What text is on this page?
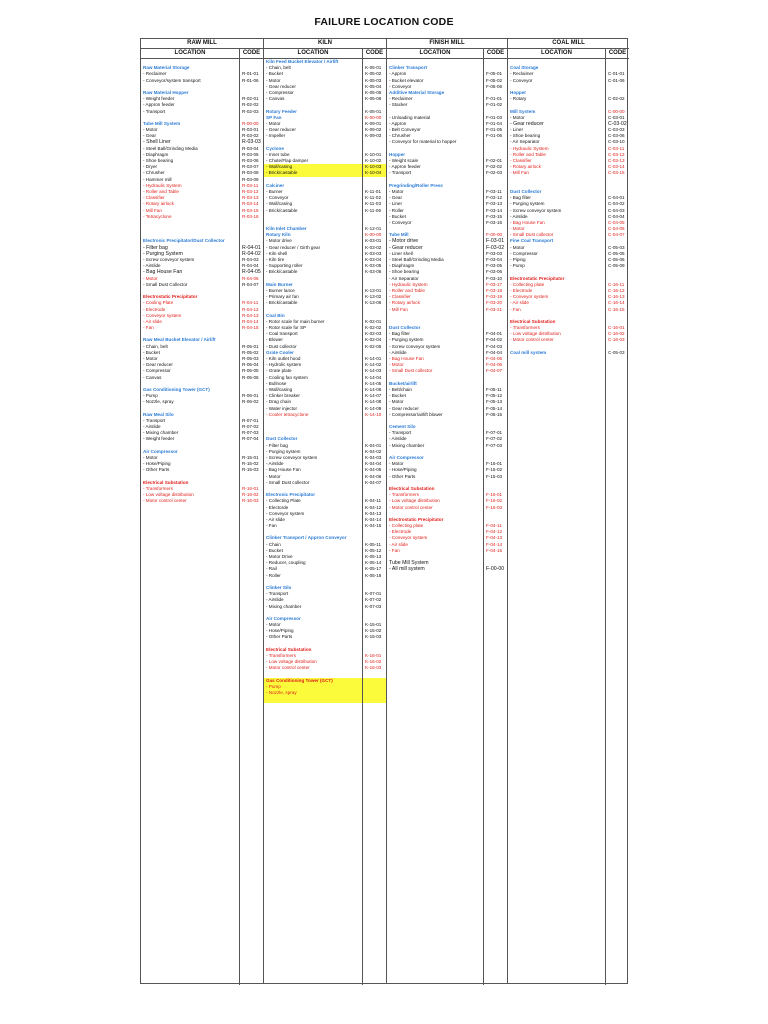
FAILURE LOCATION CODE
RAW MILL
LOCATION	CODE
Raw Material Storage
- Reclaimer	R-01-01
- Conveyor/system transport	R-01-06
Raw Material Hopper
- Weight feeder	R-02-01
- Appron feeder	R-02-02
- Transport	R-02-03
Tube Mill System	R-00-00
- Motor	R-03-01
- Gear	R-03-02
- Shell Liner	R-03-03
- Steel Ball/Grinding Media	R-03-04
- Diaphragm	R-03-05
- Shoe bearing	R-03-06
- Dryer	R-03-07
- Chrusher	R-03-08
- Hammer mill	R-03-09
- Hydraulic System	R-03-11
- Roller and Table	R-03-12
- Classifier	R-03-13
- Rotary airlock	R-03-14
- Mill Fan	R-03-15
- Tetracyclone	R-03-16
Electronic Precipitator/Dust Collector
- Filter bag	R-04-01
- Purging System	R-04-02
- Screw conveyor system	R-04-03
- Airslide	R-04-04
- Bag House Fan	R-04-05
- Motor	R-04-06
- Small Dust Collector	R-04-07
Electrostatic Precipitator
- Cooling Plate	R-04-11
- Electrode	R-04-12
- Conveyor system	R-04-13
- Air slide	R-04-14
- Fan	R-04-15
Raw Meal Bucket Elevator / Airlift
- Chain, belt	R-05-01
- Bucket	R-05-02
- Motor	R-05-03
- Gear reducer	R-05-04
- Compressor	R-05-05
- Canvas	R-05-06
Gas Conditioning Tower (GCT)
- Pump	R-06-01
- Nozzle, spray	R-06-02
Raw Meal Silo
- Transport	R-07-01
- Airslide	R-07-02
- Mixing chamber	R-07-03
- Weight feeder	R-07-04
Air Compressor
- Motor	R-15-01
- Hose/Piping	R-15-02
- Other Parts	R-15-03
Electrical Substation
- Transformers	R-16-01
- Low voltage distribution	R-16-02
- Motor control center	R-16-03
KILN
LOCATION	CODE
Kiln Feed Bucket Elevator / Airlift
- Chain, belt	K-05-01
- Bucket	K-05-02
- Motor	K-05-03
- Gear reducer	K-05-04
- Compressor	K-05-05
- Canvas	K-05-06
Rotary Feeder	K-08-01
SP Fan	K-00-00
- Motor	K-09-01
- Gear reducer	K-09-02
- Impeller	K-09-03
Cyclone
- Inner tube	K-10-01
- Chute/Flap damper	K-10-02
- Wall/casing	K-10-03
- Brick/castable	K-10-04
Calciner
- Burner	K-11-01
- Conveyor	K-11-02
- Wall/casing	K-11-03
- Brick/castable	K-11-06
Kiln Inlet Chamber	K-12-01
Rotary Kiln	K-00-00
- Motor drive	K-03-01
- Gear reducer / Girth gear	K-03-02
- Kiln shell	K-03-03
- Kiln tire	K-03-04
- Supporting roller	K-03-05
- Brick/castable	K-03-06
Main Burner
- Burner lance	K-13-01
- Primary air fan	K-13-02
- Brick/castable	K-13-06
Coal Bin
- Rotor scale for main burner	K-02-01
- Rotor scale for SP	K-02-02
- Coal transport	K-02-03
- Blower	K-02-04
- Dust collector	K-02-05
Grate Cooler
- Kiln outlet hood	K-14-01
- Hydrolic system	K-14-02
- Grate plate	K-14-03
- Cooling fan system	K-14-04
- Bullnose	K-14-05
- Wall/casing	K-14-06
- Clinker breaker	K-14-07
- Drag chain	K-14-08
- Water injector	K-14-09
- Cooler tetracyclone	K-14-10
Dust Collector
- Filter bag	K-04-01
- Purging system	K-04-02
- Screw conveyor system	K-04-03
- Airslide	K-04-04
- Bag House Fan	K-04-05
- Motor	K-04-06
- Small Dust collector	K-04-07
Electronic Precipitator
- Collecting Plate	K-04-11
- Electorde	K-04-12
- Conveyor system	K-04-13
- Air slide	K-04-14
- Fan	K-04-15
Clinker Transport / Appron Conveyor
- Chain	K-05-11
- Bucket	K-05-12
- Motor Drive	K-05-13
- Reducer, coupling	K-05-14
- Rail	K-05-17
- Roller	K-05-18
Clinker Silo
- Transport	K-07-01
- Airslide	K-07-02
- Mixing chamber	K-07-03
Air Compressor
- Motor	K-15-01
- Hose/Piping	K-15-02
- Other Parts	K-15-03
Electrical Substation
- Transformers	K-16-01
- Low voltage distribution	K-16-02
- Motor control center	K-16-03
Gas Conditioning Tower (GCT)
- Pump
- Nozzle, spray
FINISH MILL
LOCATION	CODE
Clinker Transport
- Appron	F-05-01
- Bucket elevator	F-05-02
- Conveyor	F-05-06
Additive Material Storage
- Reclaimer	F-01-01
- Stacker	F-01-02
- Unloading material	F-01-03
- Appron	F-01-04
- Belt Conveyor	F-01-05
- Chrusher	F-01-06
- Conveyor for material to hopper
Hopper
- Weight scale	F-02-01
- Appron feeder	F-02-02
- Transport	F-02-03
Pregrinding/Roller Press
- Motor	F-03-11
- Gear	F-03-12
- Liner	F-03-13
- Roller	F-03-14
- Bucket	F-03-15
- Conveyor	F-03-16
Tube Mill	F-00-00
- Motor drive	F-03-01
- Gear reducer	F-03-02
- Liner shell	F-03-03
- Steel Ball/Grinding Media	F-03-04
- Diaphragm	F-03-05
- Shoe bearing	F-03-06
- Air Separator	F-03-10
- Hydraulic System	F-03-17
- Roller and Table	F-03-18
- Classifier	F-03-19
- Rotary airlock	F-03-20
- Mill Fan	F-03-21
Dust Collector
- Bag filter	F-04-01
- Purging system	F-04-02
- Screw conveyor system	F-04-03
- Airslide	F-04-04
- Bag House Fan	F-04-05
- Motor	F-04-06
- Small Dust collector	F-04-07
Bucket/airlift
- Belt/chain	F-05-11
- Bucket	F-05-12
- Motor	F-05-13
- Gear reducer	F-05-14
- Compressor/airlift blower	F-05-15
Cement Silo
- Transport	F-07-01
- Airslide	F-07-02
- Mixing chamber	F-07-03
Air Compressor
- Motor	F-15-01
- Hose/Piping	F-15-02
- Other Parts	F-15-03
Electrical Substation
- Transformers	F-16-01
- Low voltage distribution	F-16-02
- Motor control center	F-16-03
Electrostatic Precipitator
- Collecting plate	F-04-11
- Electrode	F-04-12
- Conveyor system	F-04-13
- Air slide	F-04-14
- Fan	F-04-15
Tube Mill System
- All mill system	F-00-00
COAL MILL
LOCATION	CODE
Coal Storage
- Reclaimer	C-01-01
- Conveyor	C-01-06
Hopper
- Rotary	C-02-02
Mill System	C-00-00
- Motor	C-03-01
- Gear reducer	C-03-02
- Liner	C-03-03
- Shoe bearing	C-03-06
- Air Separator	C-03-10
- Hydraulic System	C-03-11
- Roller and Table	C-03-12
- Classifier	C-03-13
- Rotary airlock	C-03-14
- Mill Fan	C-03-15
Dust Collector
- Bag filter	C-04-01
- Purging system	C-04-02
- Screw conveyor system	C-04-03
- Airslide	C-04-04
- Bag House Fan	C-04-05
- Motor	C-04-06
- Small Dust collector	C-04-07
Fine Coal Transport
- Motor	C-05-03
- Compressor	C-05-05
- Piping	C-05-06
- Pump	C-05-09
Electrostatic Precipitator
- Collecting plate	C-16-11
- Electrode	C-16-12
- Conveyor system	C-16-13
- Air slide	C-16-14
- Fan	C-16-15
Electrical Substation
- Transformers	C-16-01
- Low voltage distribution	C-16-02
- Motor control center	C-16-03
Coal mill system	C-05-03
